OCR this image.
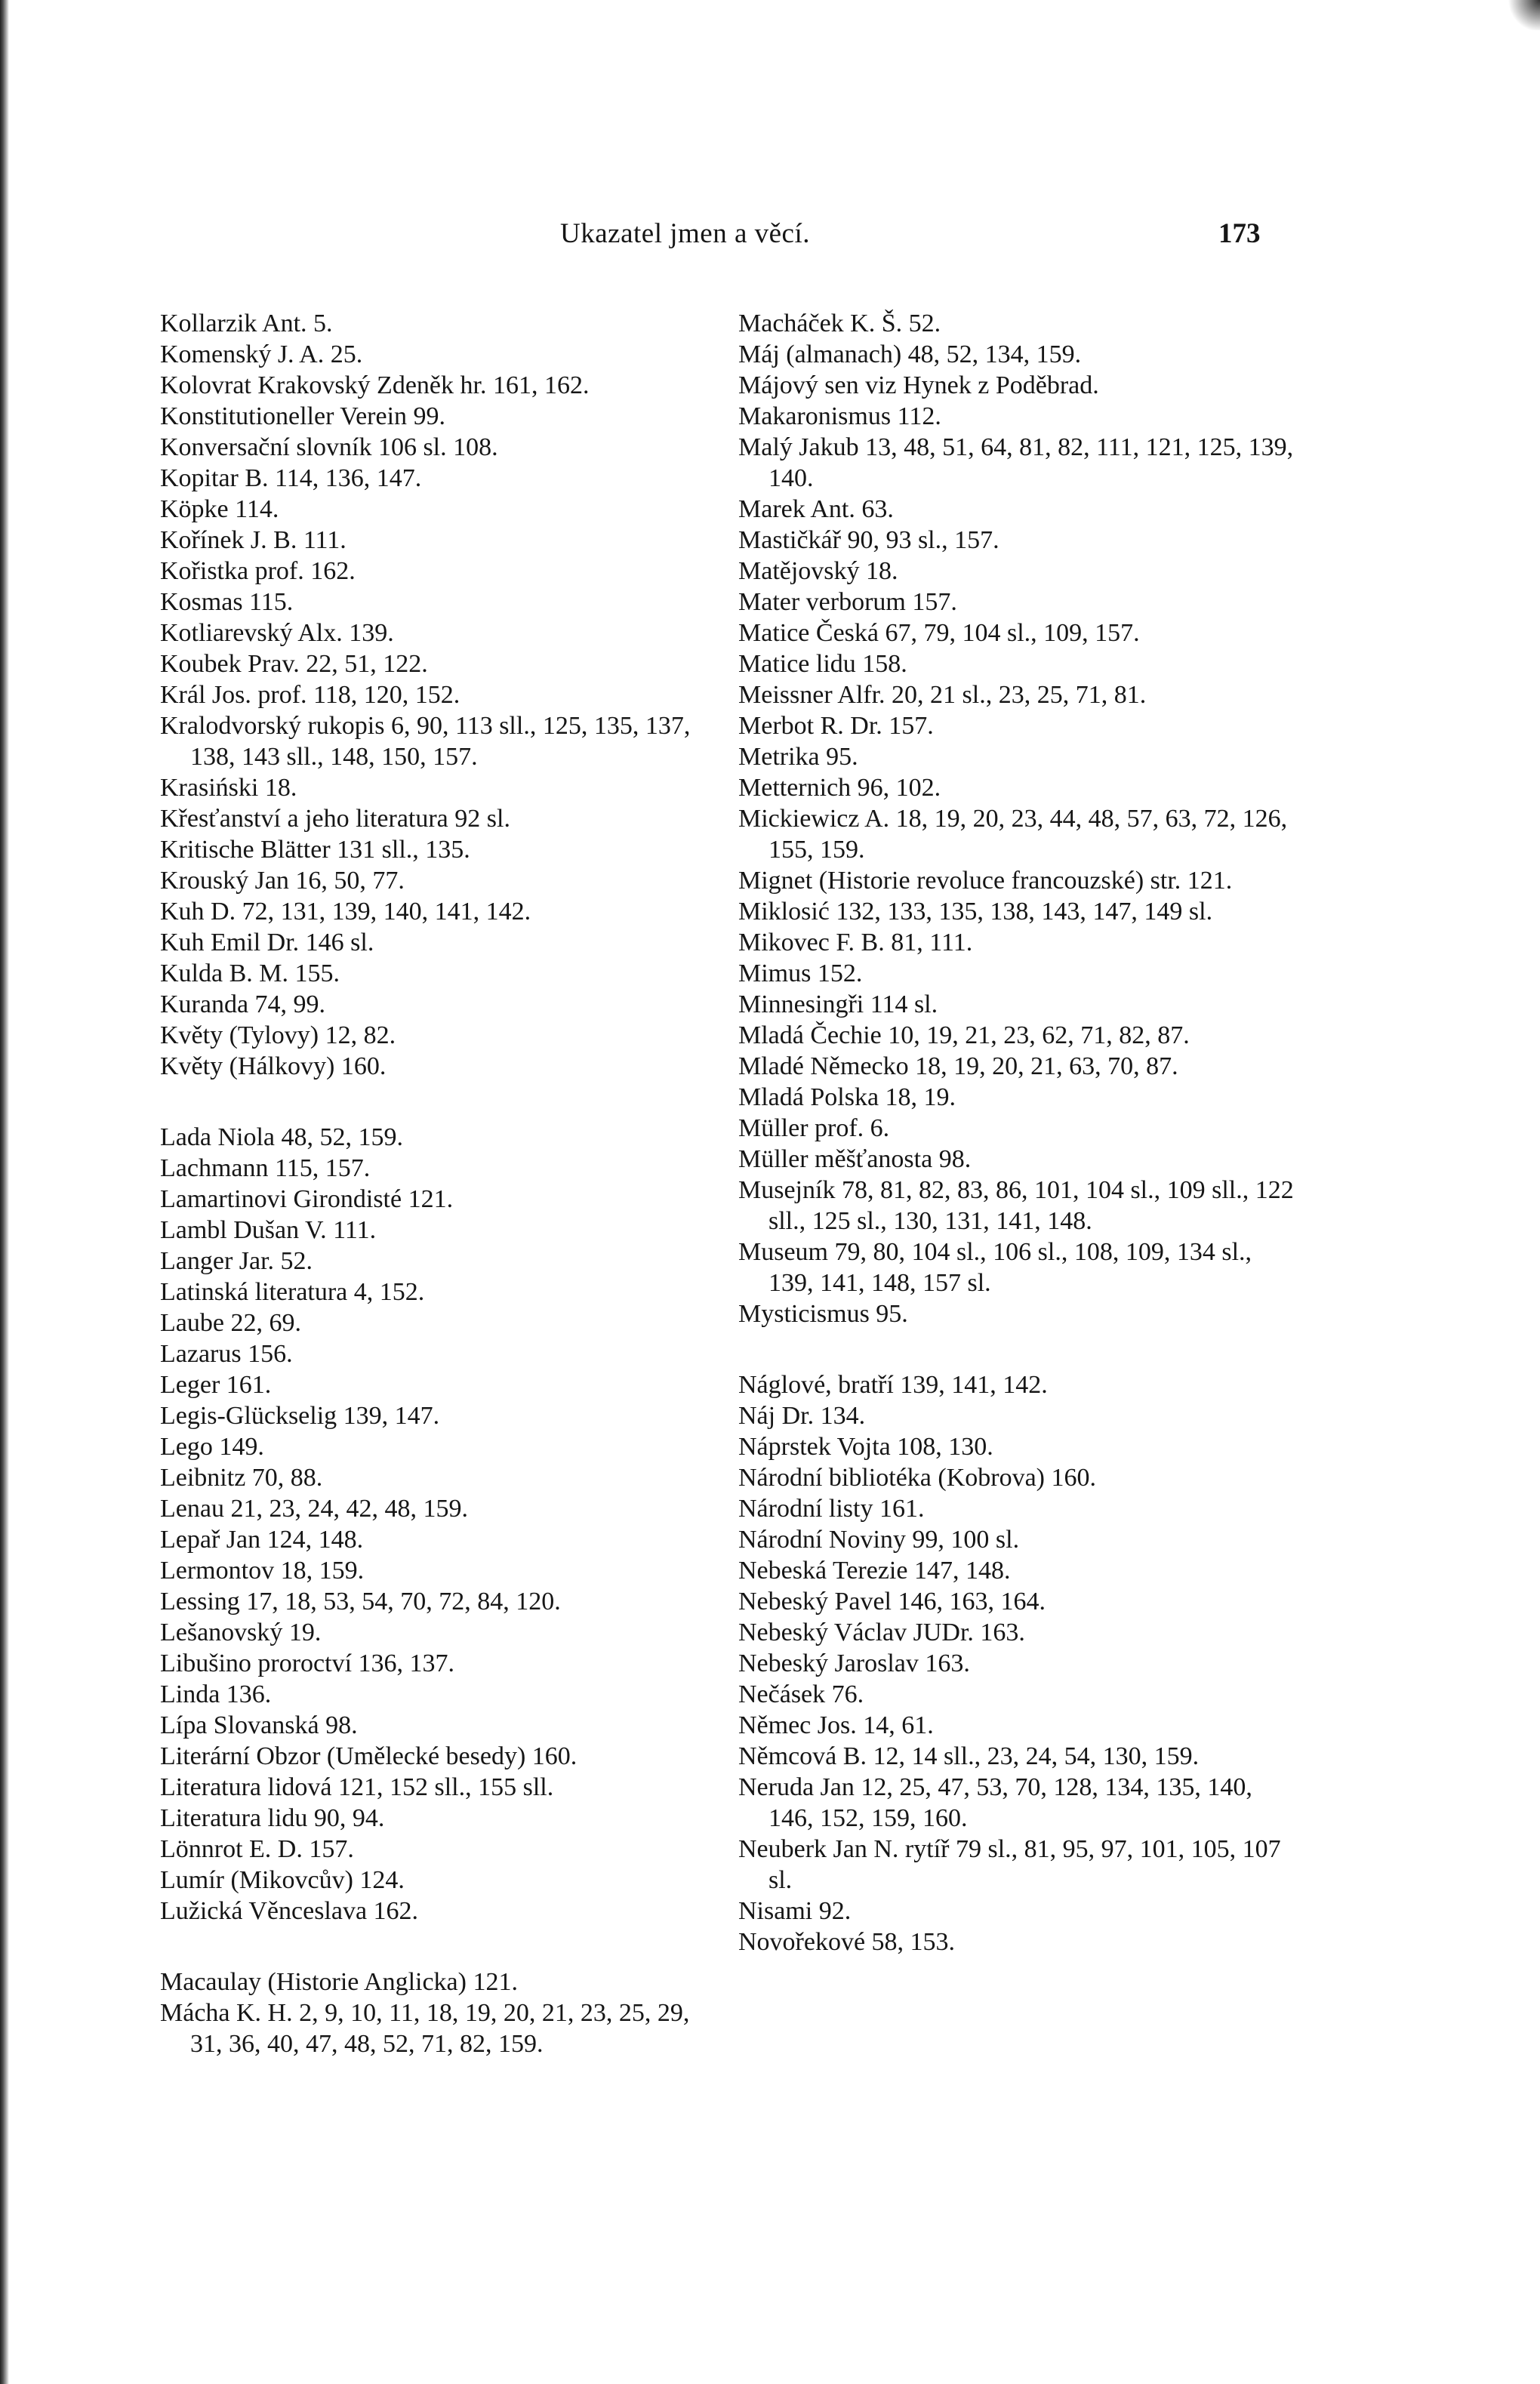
Ukazatel jmen a věcí.	173
Kollarzik Ant. 5.
Komenský J. A. 25.
Kolovrat Krakovský Zdeněk hr. 161, 162.
Konstitutioneller Verein 99.
Konversační slovník 106 sl. 108.
Kopitar B. 114, 136, 147.
Köpke 114.
Kořínek J. B. 111.
Kořistka prof. 162.
Kosmas 115.
Kotliarevský Alx. 139.
Koubek Prav. 22, 51, 122.
Král Jos. prof. 118, 120, 152.
Kralodvorský rukopis 6, 90, 113 sll., 125, 135, 137, 138, 143 sll., 148, 150, 157.
Krasiński 18.
Křesťanství a jeho literatura 92 sl.
Kritische Blätter 131 sll., 135.
Krouský Jan 16, 50, 77.
Kuh D. 72, 131, 139, 140, 141, 142.
Kuh Emil Dr. 146 sl.
Kulda B. M. 155.
Kuranda 74, 99.
Květy (Tylovy) 12, 82.
Květy (Hálkovy) 160.
Lada Niola 48, 52, 159.
Lachmann 115, 157.
Lamartinovi Girondisté 121.
Lambl Dušan V. 111.
Langer Jar. 52.
Latinská literatura 4, 152.
Laube 22, 69.
Lazarus 156.
Leger 161.
Legis-Glückselig 139, 147.
Lego 149.
Leibnitz 70, 88.
Lenau 21, 23, 24, 42, 48, 159.
Lepař Jan 124, 148.
Lermontov 18, 159.
Lessing 17, 18, 53, 54, 70, 72, 84, 120.
Lešanovský 19.
Libušino proroctví 136, 137.
Linda 136.
Lípa Slovanská 98.
Literární Obzor (Umělecké besedy) 160.
Literatura lidová 121, 152 sll., 155 sll.
Literatura lidu 90, 94.
Lönnrot E. D. 157.
Lumír (Mikovcův) 124.
Lužická Věnceslava 162.
Macaulay (Historie Anglicka) 121.
Mácha K. H. 2, 9, 10, 11, 18, 19, 20, 21, 23, 25, 29, 31, 36, 40, 47, 48, 52, 71, 82, 159.
Macháček K. Š. 52.
Máj (almanach) 48, 52, 134, 159.
Májový sen viz Hynek z Poděbrad.
Makaronismus 112.
Malý Jakub 13, 48, 51, 64, 81, 82, 111, 121, 125, 139, 140.
Marek Ant. 63.
Mastičkář 90, 93 sl., 157.
Matějovský 18.
Mater verborum 157.
Matice Česká 67, 79, 104 sl., 109, 157.
Matice lidu 158.
Meissner Alfr. 20, 21 sl., 23, 25, 71, 81.
Merbot R. Dr. 157.
Metrika 95.
Metternich 96, 102.
Mickiewicz A. 18, 19, 20, 23, 44, 48, 57, 63, 72, 126, 155, 159.
Mignet (Historie revoluce francouzské) str. 121.
Miklosić 132, 133, 135, 138, 143, 147, 149 sl.
Mikovec F. B. 81, 111.
Mimus 152.
Minnesingři 114 sl.
Mladá Čechie 10, 19, 21, 23, 62, 71, 82, 87.
Mladé Německo 18, 19, 20, 21, 63, 70, 87.
Mladá Polska 18, 19.
Müller prof. 6.
Müller měšťanosta 98.
Musejník 78, 81, 82, 83, 86, 101, 104 sl., 109 sll., 122 sll., 125 sl., 130, 131, 141, 148.
Museum 79, 80, 104 sl., 106 sl., 108, 109, 134 sl., 139, 141, 148, 157 sl.
Mysticismus 95.
Náglové, bratří 139, 141, 142.
Náj Dr. 134.
Náprstek Vojta 108, 130.
Národní bibliotéka (Kobrova) 160.
Národní listy 161.
Národní Noviny 99, 100 sl.
Nebeská Terezie 147, 148.
Nebeský Pavel 146, 163, 164.
Nebeský Václav JUDr. 163.
Nebeský Jaroslav 163.
Nečásek 76.
Němec Jos. 14, 61.
Němcová B. 12, 14 sll., 23, 24, 54, 130, 159.
Neruda Jan 12, 25, 47, 53, 70, 128, 134, 135, 140, 146, 152, 159, 160.
Neuberk Jan N. rytíř 79 sl., 81, 95, 97, 101, 105, 107 sl.
Nisami 92.
Novořekové 58, 153.
